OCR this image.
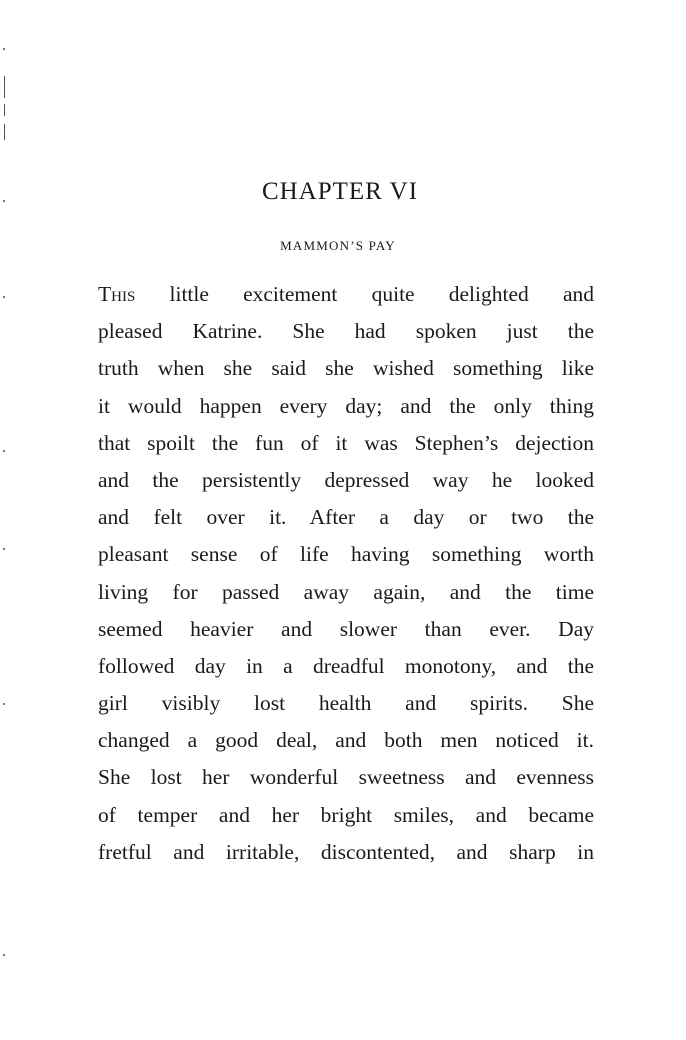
CHAPTER VI
MAMMON’S PAY
This little excitement quite delighted and
pleased Katrine. She had spoken just the
truth when she said she wished something like
it would happen every day; and the only thing
that spoilt the fun of it was Stephen’s dejection
and the persistently depressed way he looked
and felt over it. After a day or two the
pleasant sense of life having something worth
living for passed away again, and the time
seemed heavier and slower than ever. Day
followed day in a dreadful monotony, and the
girl visibly lost health and spirits. She
changed a good deal, and both men noticed it.
She lost her wonderful sweetness and evenness
of temper and her bright smiles, and became
fretful and irritable, discontented, and sharp in
